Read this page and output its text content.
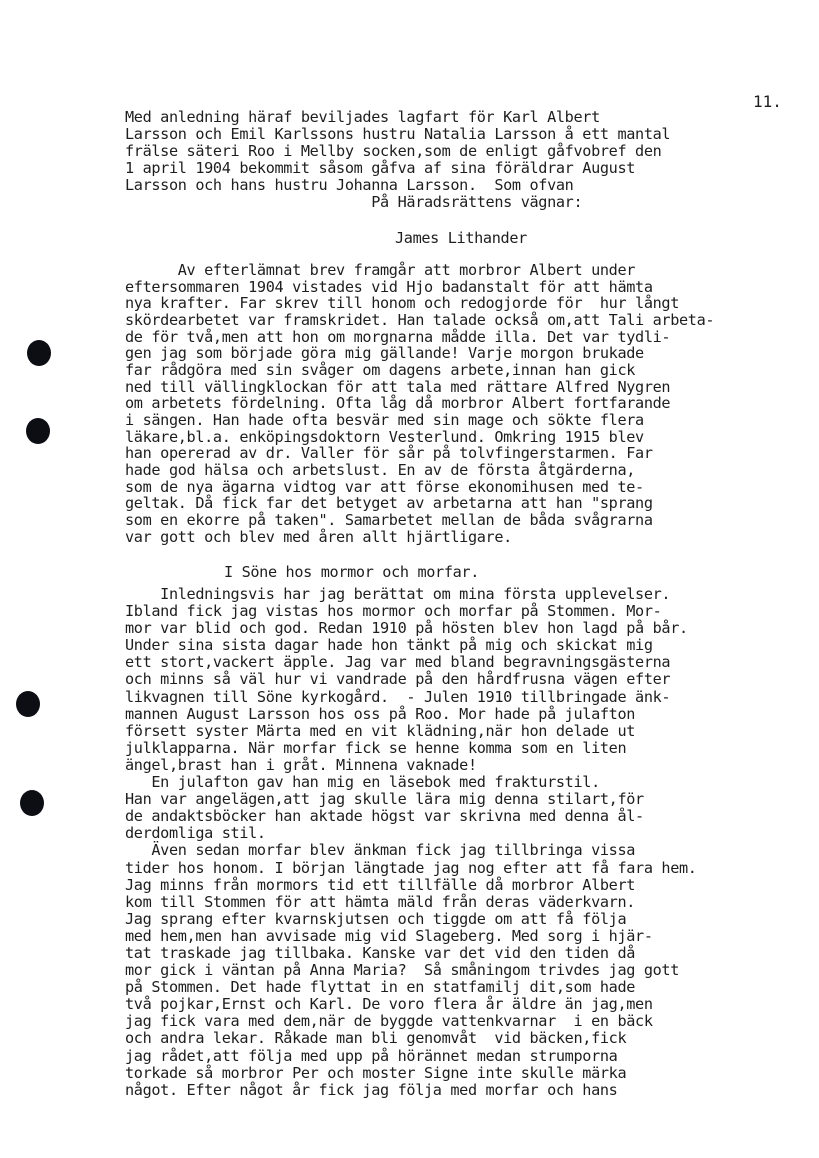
11.
Med anledning häraf beviljades lagfart för Karl Albert
Larsson och Emil Karlssons hustru Natalia Larsson å ett mantal
frälse säteri Roo i Mellby socken,som de enligt gåfvobref den
1 april 1904 bekommit såsom gåfva af sina föräldrar August
Larsson och hans hustru Johanna Larsson.  Som ofvan
På Häradsrättens vägnar:
James Lithander
Av efterlämnat brev framgår att morbror Albert under
eftersommaren 1904 vistades vid Hjo badanstalt för att hämta
nya krafter. Far skrev till honom och redogjorde för  hur långt
skördearbetet var framskridet. Han talade också om,att Tali arbeta-
de för två,men att hon om morgnarna mådde illa. Det var tydli-
gen jag som började göra mig gällande! Varje morgon brukade
far rådgöra med sin svåger om dagens arbete,innan han gick
ned till vällingklockan för att tala med rättare Alfred Nygren
om arbetets fördelning. Ofta låg då morbror Albert fortfarande
i sängen. Han hade ofta besvär med sin mage och sökte flera
läkare,bl.a. enköpingsdoktorn Vesterlund. Omkring 1915 blev
han opererad av dr. Valler för sår på tolvfingerstarmen. Far
hade god hälsa och arbetslust. En av de första åtgärderna,
som de nya ägarna vidtog var att förse ekonomihusen med te-
geltak. Då fick far det betyget av arbetarna att han "sprang
som en ekorre på taken". Samarbetet mellan de båda svågrarna
var gott och blev med åren allt hjärtligare.
I Söne hos mormor och morfar.
Inledningsvis har jag berättat om mina första upplevelser.
Ibland fick jag vistas hos mormor och morfar på Stommen. Mor-
mor var blid och god. Redan 1910 på hösten blev hon lagd på bår.
Under sina sista dagar hade hon tänkt på mig och skickat mig
ett stort,vackert äpple. Jag var med bland begravningsgästerna
och minns så väl hur vi vandrade på den hårdfrusna vägen efter
likvagnen till Söne kyrkogård.  - Julen 1910 tillbringade änk-
mannen August Larsson hos oss på Roo. Mor hade på julafton
försett syster Märta med en vit klädning,när hon delade ut
julklapparna. När morfar fick se henne komma som en liten
ängel,brast han i gråt. Minnena vaknade!
En julafton gav han mig en läsebok med frakturstil.
Han var angelägen,att jag skulle lära mig denna stilart,för
de andaktsböcker han aktade högst var skrivna med denna ål-
derdomliga stil.
Även sedan morfar blev änkman fick jag tillbringa vissa
tider hos honom. I början längtade jag nog efter att få fara hem.
Jag minns från mormors tid ett tillfälle då morbror Albert
kom till Stommen för att hämta mäld från deras väderkvarn.
Jag sprang efter kvarnskjutsen och tiggde om att få följa
med hem,men han avvisade mig vid Slageberg. Med sorg i hjär-
tat traskade jag tillbaka. Kanske var det vid den tiden då
mor gick i väntan på Anna Maria?  Så småningom trivdes jag gott
på Stommen. Det hade flyttat in en statfamilj dit,som hade
två pojkar,Ernst och Karl. De voro flera år äldre än jag,men
jag fick vara med dem,när de byggde vattenkvarnar  i en bäck
och andra lekar. Råkade man bli genomvåt  vid bäcken,fick
jag rådet,att följa med upp på hörännet medan strumporna
torkade så morbror Per och moster Signe inte skulle märka
något. Efter något år fick jag följa med morfar och hans
